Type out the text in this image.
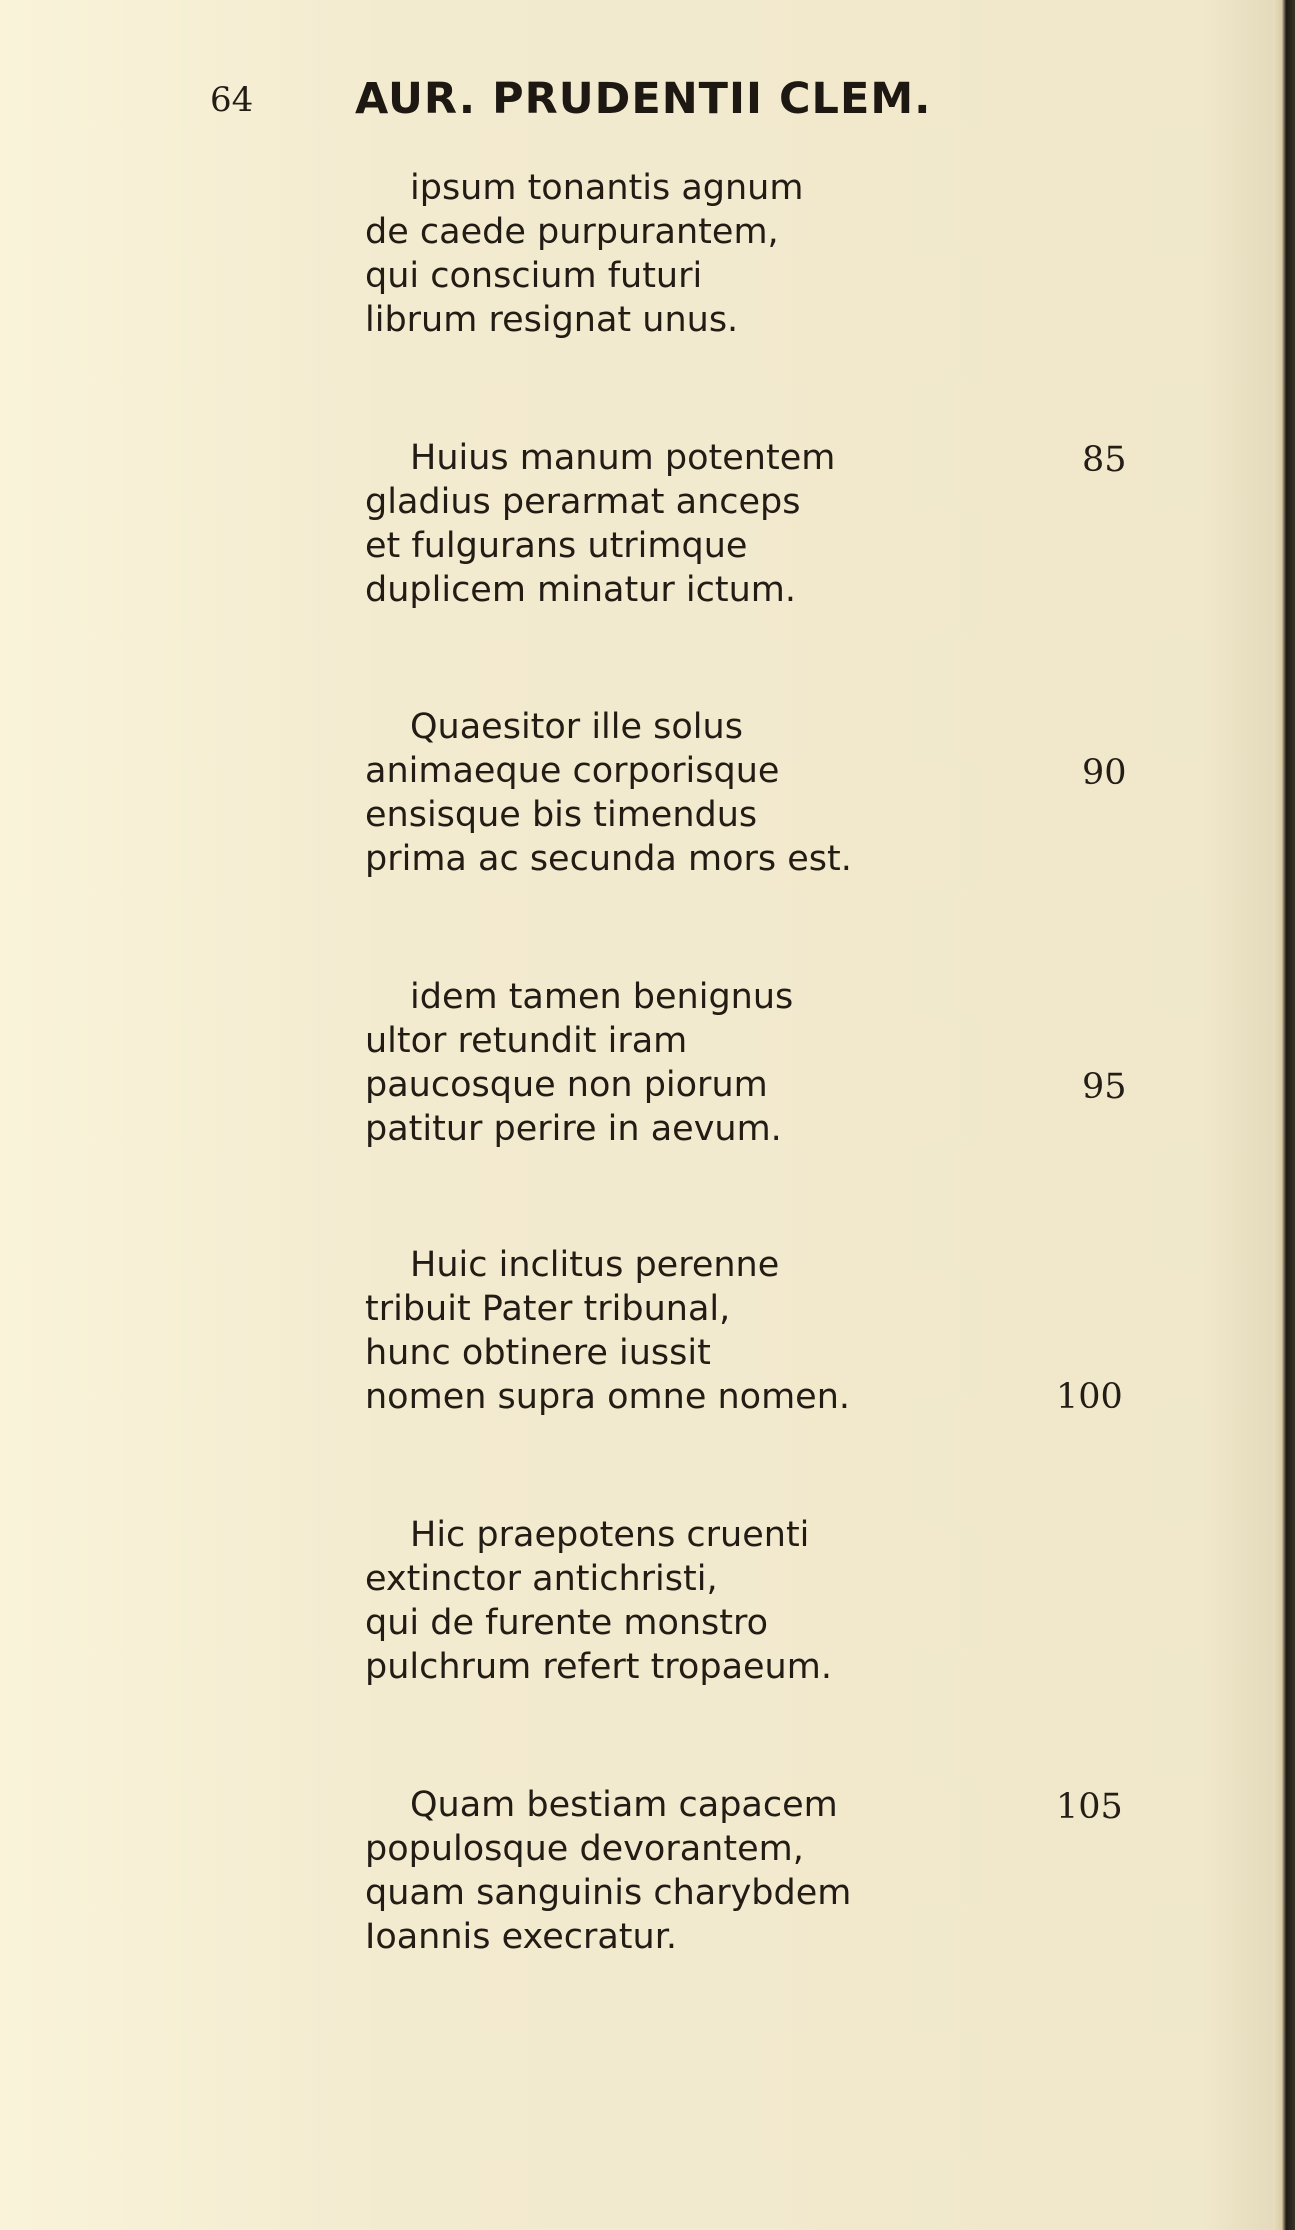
64 AUR. PRUDENTII CLEM.
ipsum tonantis agnum
de caede purpurantem,
qui conscium futuri
librum resignat unus.
Huius manum potentem
gladius perarmat anceps
et fulgurans utrimque
duplicem minatur ictum.
85
Quaesitor ille solus
animaeque corporisque
ensisque bis timendus
prima ac secunda mors est.
90
idem tamen benignus
ultor retundit iram
paucosque non piorum
patitur perire in aevum.
95
Huic inclitus perenne
tribuit Pater tribunal,
hunc obtinere iussit
nomen supra omne nomen.	100
Hic praepotens cruenti
extinctor antichristi,
qui de furente monstro
pulchrum refert tropaeum.
Quam bestiam capacem
populosque devorantem,
quam sanguinis charybdem
Ioannis execratur.
105
